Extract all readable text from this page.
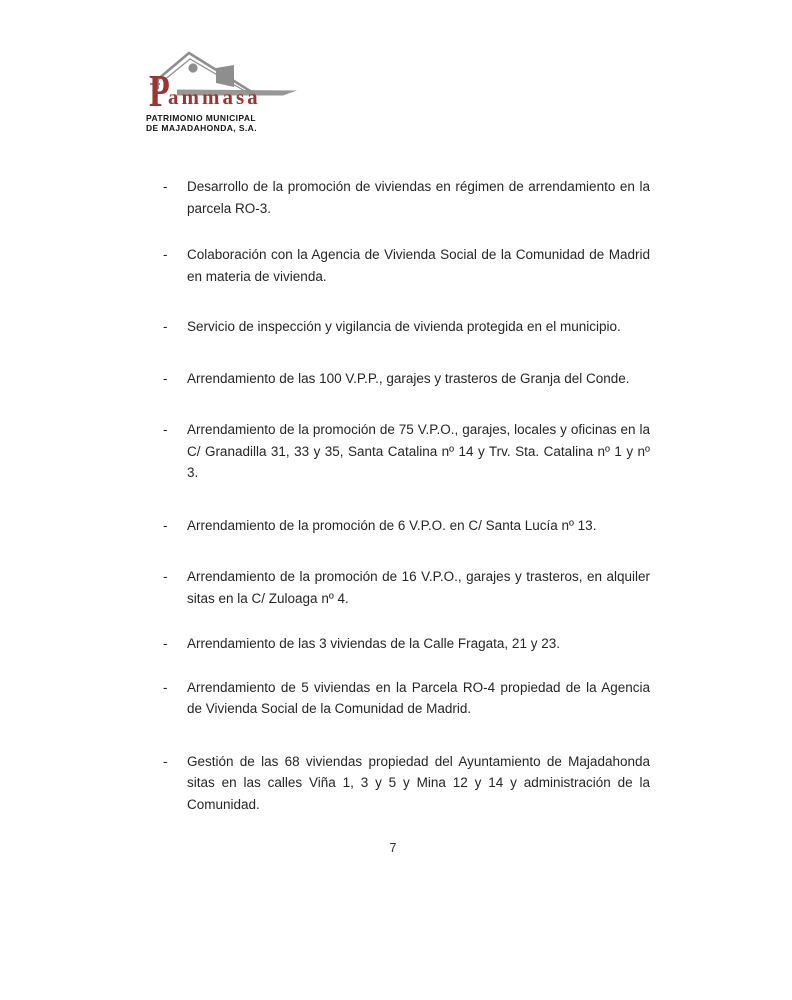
P
ammasa
PATRIMONIO MUNICIPAL
DE MAJADAHONDA, S.A.
- Desarrollo de la promoción de viviendas en régimen de arrendamiento en la parcela RO-3.

- Colaboración con la Agencia de Vivienda Social de la Comunidad de Madrid en materia de vivienda.

- Servicio de inspección y vigilancia de vivienda protegida en el municipio.

- Arrendamiento de las 100 V.P.P., garajes y trasteros de Granja del Conde.

- Arrendamiento de la promoción de 75 V.P.O., garajes, locales y oficinas en la C/ Granadilla 31, 33 y 35, Santa Catalina nº 14 y Trv. Sta. Catalina nº 1 y nº 3.

- Arrendamiento de la promoción de 6 V.P.O. en C/ Santa Lucía nº 13.

- Arrendamiento de la promoción de 16 V.P.O., garajes y trasteros, en alquiler sitas en la C/ Zuloaga nº 4.

- Arrendamiento de las 3 viviendas de la Calle Fragata, 21 y 23.

- Arrendamiento de 5 viviendas en la Parcela RO-4 propiedad de la Agencia de Vivienda Social de la Comunidad de Madrid.

- Gestión de las 68 viviendas propiedad del Ayuntamiento de Majadahonda sitas en las calles Viña 1, 3 y 5 y Mina 12 y 14 y administración de la Comunidad.

7
